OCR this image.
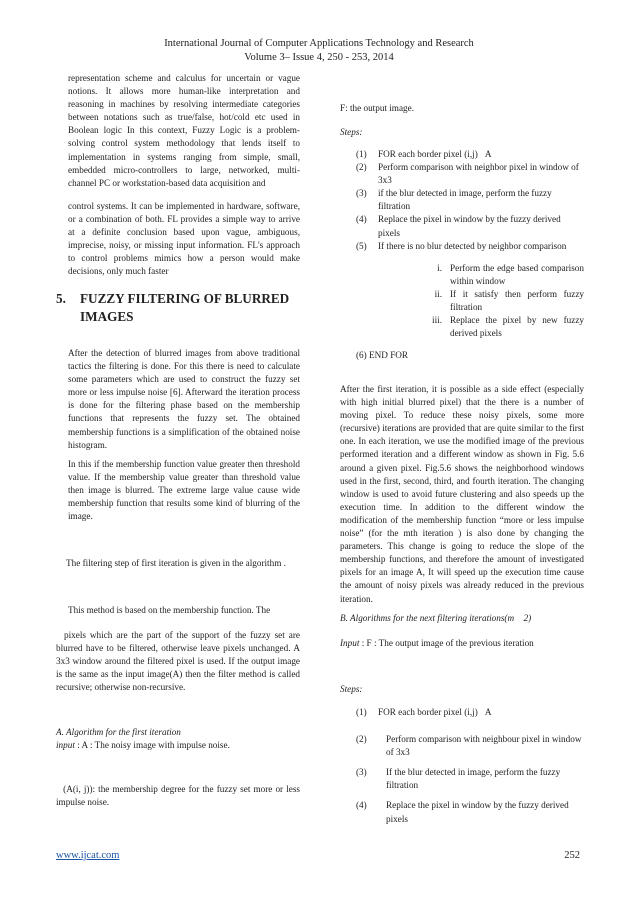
International Journal of Computer Applications Technology and Research
Volume 3– Issue 4, 250 - 253, 2014
representation scheme and calculus for uncertain or vague notions. It allows more human-like interpretation and reasoning in machines by resolving intermediate categories between notations such as true/false, hot/cold etc used in Boolean logic In this context, Fuzzy Logic is a problem-solving control system methodology that lends itself to implementation in systems ranging from simple, small, embedded micro-controllers to large, networked, multi-channel PC or workstation-based data acquisition and
control systems. It can be implemented in hardware, software, or a combination of both. FL provides a simple way to arrive at a definite conclusion based upon vague, ambiguous, imprecise, noisy, or missing input information. FL's approach to control problems mimics how a person would make decisions, only much faster
5.	FUZZY FILTERING OF BLURRED IMAGES
After the detection of blurred images from above traditional tactics the filtering is done. For this there is need to calculate some parameters which are used to construct the fuzzy set more or less impulse noise [6]. Afterward the iteration process is done for the filtering phase based on the membership functions that represents the fuzzy set. The obtained membership functions is a simplification of the obtained noise histogram.
In this if the membership function value greater then threshold value. If the membership value greater than threshold value then image is blurred. The extreme large value cause wide membership function that results some kind of blurring of the image.
The filtering step of first iteration is given in the algorithm .
This method is based on the membership function. The
pixels which are the part of the support of the fuzzy set are blurred have to be filtered, otherwise leave pixels unchanged. A 3x3 window around the filtered pixel is used. If the output image is the same as the input image(A) then the filter method is called recursive; otherwise non-recursive.
A. Algorithm for the first iteration
input : A : The noisy image with impulse noise.
(A(i, j)): the membership degree for the fuzzy set more or less impulse noise.
F: the output image.
Steps:
(1)	FOR each border pixel (i,j) A
(2)	Perform comparison with neighbor pixel in window of 3x3
(3)	if the blur detected in image, perform the fuzzy filtration
(4)	Replace the pixel in window by the fuzzy derived pixels
(5)	If there is no blur detected by neighbor comparison
i. Perform the edge based comparison within window
ii. If it satisfy then perform fuzzy filtration
iii. Replace the pixel by new fuzzy derived pixels
(6) END FOR
After the first iteration, it is possible as a side effect (especially with high initial blurred pixel) that the there is a number of moving pixel. To reduce these noisy pixels, some more (recursive) iterations are provided that are quite similar to the first one. In each iteration, we use the modified image of the previous performed iteration and a different window as shown in Fig. 5.6 around a given pixel. Fig.5.6 shows the neighborhood windows used in the first, second, third, and fourth iteration. The changing window is used to avoid future clustering and also speeds up the execution time. In addition to the different window the modification of the membership function “more or less impulse noise” (for the mth iteration ) is also done by changing the parameters. This change is going to reduce the slope of the membership functions, and therefore the amount of investigated pixels for an image A, It will speed up the execution time cause the amount of noisy pixels was already reduced in the previous iteration.
B. Algorithms for the next filtering iterations(m 2)
Input : F : The output image of the previous iteration
Steps:
(1)	FOR each border pixel (i,j) A
(2)	Perform comparison with neighbour pixel in window of 3x3
(3)	If the blur detected in image, perform the fuzzy filtration
(4)	Replace the pixel in window by the fuzzy derived pixels
www.ijcat.com	252
